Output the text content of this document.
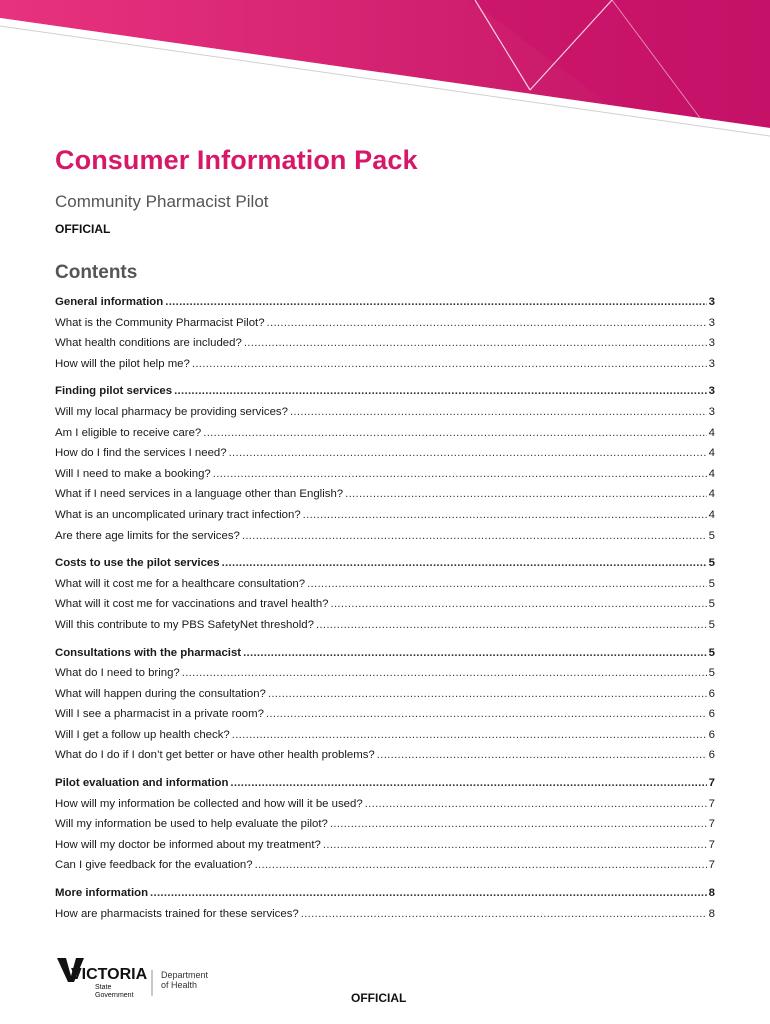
Consumer Information Pack
Community Pharmacist Pilot
OFFICIAL
Contents
General information .....	3
What is the Community Pharmacist Pilot? .....	3
What health conditions are included? .....	3
How will the pilot help me? .....	3
Finding pilot services .....	3
Will my local pharmacy be providing services? .....	3
Am I eligible to receive care? .....	4
How do I find the services I need? .....	4
Will I need to make a booking? .....	4
What if I need services in a language other than English? .....	4
What is an uncomplicated urinary tract infection? .....	4
Are there age limits for the services? .....	5
Costs to use the pilot services .....	5
What will it cost me for a healthcare consultation? .....	5
What will it cost me for vaccinations and travel health? .....	5
Will this contribute to my PBS SafetyNet threshold? .....	5
Consultations with the pharmacist .....	5
What do I need to bring? .....	5
What will happen during the consultation? .....	6
Will I see a pharmacist in a private room? .....	6
Will I get a follow up health check? .....	6
What do I do if I don’t get better or have other health problems? .....	6
Pilot evaluation and information .....	7
How will my information be collected and how will it be used? .....	7
Will my information be used to help evaluate the pilot? .....	7
How will my doctor be informed about my treatment? .....	7
Can I give feedback for the evaluation? .....	7
More information .....	8
How are pharmacists trained for these services? .....	8
VICTORIA
State
Government
Department
of Health
OFFICIAL
